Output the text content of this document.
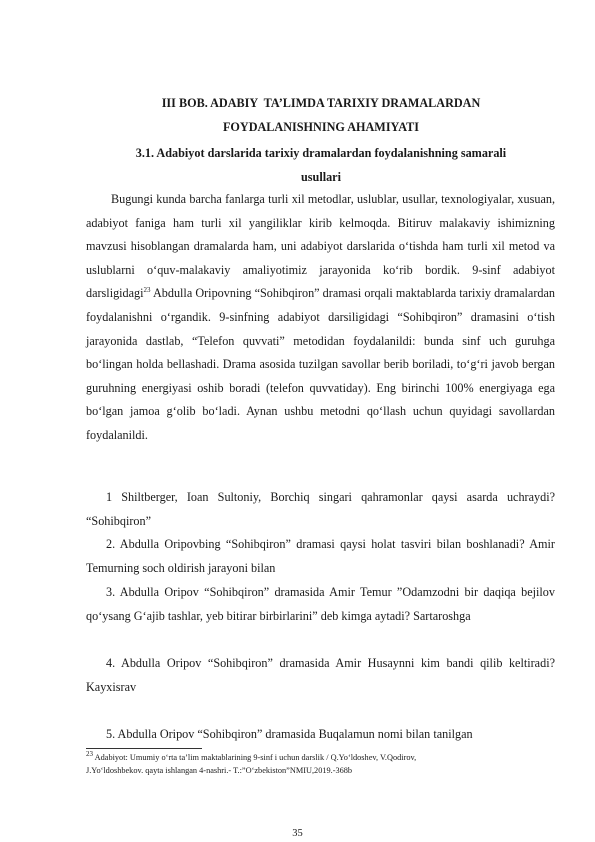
III BOB. ADABIY  TA’LIMDA TARIXIY DRAMALARDAN
FOYDALANISHNING AHAMIYATI
3.1. Adabiyot darslarida tarixiy dramalardan foydalanishning samarali
usullari
Bugungi kunda barcha fanlarga turli xil metodlar, uslublar, usullar, texnologiyalar, xusuan, adabiyot faniga ham turli xil yangiliklar kirib kelmoqda. Bitiruv malakaviy ishimizning mavzusi hisoblangan dramalarda ham, uni adabiyot darslarida o‘tishda ham turli xil metod va uslublarni o‘quv-malakaviy amaliyotimiz jarayonida ko‘rib bordik. 9-sinf adabiyot darsligidagi$^{23}$ Abdulla Oripovning “Sohibqiron” dramasi orqali maktablarda tarixiy dramalardan foydalanishni o‘rgandik. 9-sinfning adabiyot darsiligidagi “Sohibqiron” dramasini o‘tish jarayonida dastlab, “Telefon quvvati” metodidan foydalanildi: bunda sinf uch guruhga bo‘lingan holda bellashadi. Drama asosida tuzilgan savollar berib boriladi, to‘g‘ri javob bergan guruhning energiyasi oshib boradi (telefon quvvatiday). Eng birinchi 100% energiyaga ega bo‘lgan jamoa g‘olib bo‘ladi. Aynan ushbu metodni qo‘llash uchun quyidagi savollardan foydalanildi.
1 Shiltberger, Ioan Sultoniy, Borchiq singari qahramonlar qaysi asarda uchraydi? “Sohibqiron”
2. Abdulla Oripovbing “Sohibqiron” dramasi qaysi holat tasviri bilan boshlanadi? Amir Temurning soch oldirish jarayoni bilan
3. Abdulla Oripov “Sohibqiron” dramasida Amir Temur ”Odamzodni bir daqiqa bejilov qo‘ysang G‘ajib tashlar, yeb bitirar birbirlarini” deb kimga aytadi? Sartaroshga
4. Abdulla Oripov “Sohibqiron” dramasida Amir Husaynni kim bandi qilib keltiradi? Kayxisrav
5. Abdulla Oripov “Sohibqiron” dramasida Buqalamun nomi bilan tanilgan
$^{23}$ Adabiyot: Umumiy o‘rta ta’lim maktablarining 9-sinf i uchun darslik / Q.Yo‘ldoshev, V.Qodirov,
J.Yo‘ldoshbekov. qayta ishlangan 4-nashri.- T.:”O‘zbekiston”NMIU,2019.-368b
35
